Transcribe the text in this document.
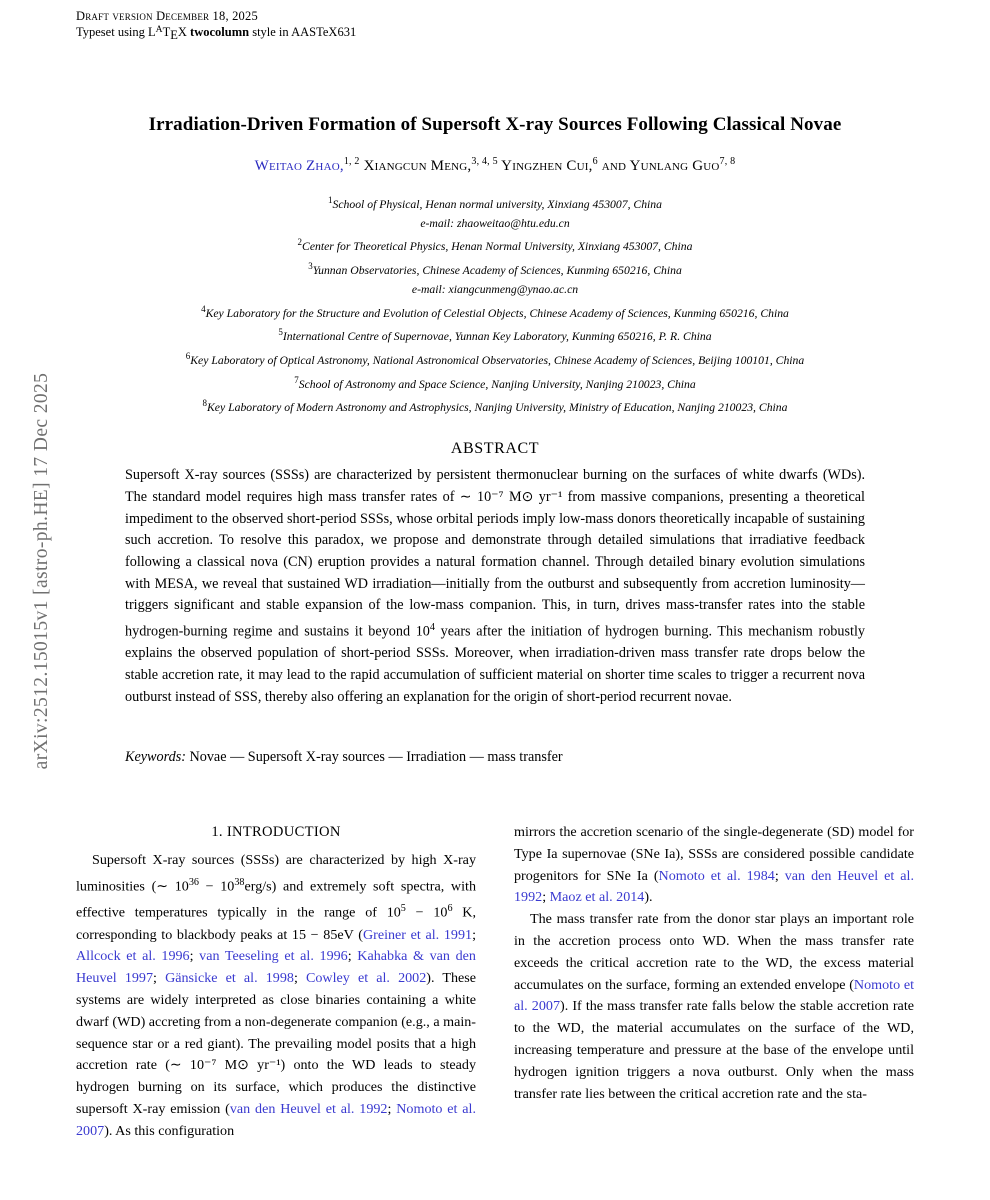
arXiv:2512.15015v1 [astro-ph.HE] 17 Dec 2025
Draft version December 18, 2025
Typeset using $L^ATEX$ twocolumn style in AASTeX631
Irradiation-Driven Formation of Supersoft X-ray Sources Following Classical Novae
Weitao Zhao,$^{1, 2}$ Xiangcun Meng,$^{3, 4, 5}$ Yingzhen Cui,$^6$ and Yunlang Guo$^{7, 8}$
$^1$School of Physical, Henan normal university, Xinxiang 453007, China
e-mail: zhaoweitao@htu.edu.cn
$^2$Center for Theoretical Physics, Henan Normal University, Xinxiang 453007, China
$^3$Yunnan Observatories, Chinese Academy of Sciences, Kunming 650216, China
e-mail: xiangcunmeng@ynao.ac.cn
$^4$Key Laboratory for the Structure and Evolution of Celestial Objects, Chinese Academy of Sciences, Kunming 650216, China
$^5$International Centre of Supernovae, Yunnan Key Laboratory, Kunming 650216, P. R. China
$^6$Key Laboratory of Optical Astronomy, National Astronomical Observatories, Chinese Academy of Sciences, Beijing 100101, China
$^7$School of Astronomy and Space Science, Nanjing University, Nanjing 210023, China
$^8$Key Laboratory of Modern Astronomy and Astrophysics, Nanjing University, Ministry of Education, Nanjing 210023, China
ABSTRACT
Supersoft X-ray sources (SSSs) are characterized by persistent thermonuclear burning on the surfaces of white dwarfs (WDs). The standard model requires high mass transfer rates of ∼ 10⁻⁷ M⊙ yr⁻¹ from massive companions, presenting a theoretical impediment to the observed short-period SSSs, whose orbital periods imply low-mass donors theoretically incapable of sustaining such accretion. To resolve this paradox, we propose and demonstrate through detailed simulations that irradiative feedback following a classical nova (CN) eruption provides a natural formation channel. Through detailed binary evolution simulations with MESA, we reveal that sustained WD irradiation—initially from the outburst and subsequently from accretion luminosity—triggers significant and stable expansion of the low-mass companion. This, in turn, drives mass-transfer rates into the stable hydrogen-burning regime and sustains it beyond $10^4$ years after the initiation of hydrogen burning. This mechanism robustly explains the observed population of short-period SSSs. Moreover, when irradiation-driven mass transfer rate drops below the stable accretion rate, it may lead to the rapid accumulation of sufficient material on shorter time scales to trigger a recurrent nova outburst instead of SSS, thereby also offering an explanation for the origin of short-period recurrent novae.
Keywords: Novae — Supersoft X-ray sources — Irradiation — mass transfer
1. INTRODUCTION

Supersoft X-ray sources (SSSs) are characterized by high X-ray luminosities (∼ $10^{36} - 10^{38}erg/s$) and extremely soft spectra, with effective temperatures typically in the range of $10^5 - 10^6$ K, corresponding to blackbody peaks at 15 − 85eV (Greiner et al. 1991; Allcock et al. 1996; van Teeseling et al. 1996; Kahabka & van den Heuvel 1997; Gänsicke et al. 1998; Cowley et al. 2002). These systems are widely interpreted as close binaries containing a white dwarf (WD) accreting from a non-degenerate companion (e.g., a main-sequence star or a red giant). The prevailing model posits that a high accretion rate (∼ 10⁻⁷ M⊙ yr⁻¹) onto the WD leads to steady hydrogen burning on its surface, which produces the distinctive supersoft X-ray emission (van den Heuvel et al. 1992; Nomoto et al. 2007). As this configuration

mirrors the accretion scenario of the single-degenerate (SD) model for Type Ia supernovae (SNe Ia), SSSs are considered possible candidate progenitors for SNe Ia (Nomoto et al. 1984; van den Heuvel et al. 1992; Maoz et al. 2014).

The mass transfer rate from the donor star plays an important role in the accretion process onto WD. When the mass transfer rate exceeds the critical accretion rate to the WD, the excess material accumulates on the surface, forming an extended envelope (Nomoto et al. 2007). If the mass transfer rate falls below the stable accretion rate to the WD, the material accumulates on the surface of the WD, increasing temperature and pressure at the base of the envelope until hydrogen ignition triggers a nova outburst. Only when the mass transfer rate lies between the critical accretion rate and the sta-
